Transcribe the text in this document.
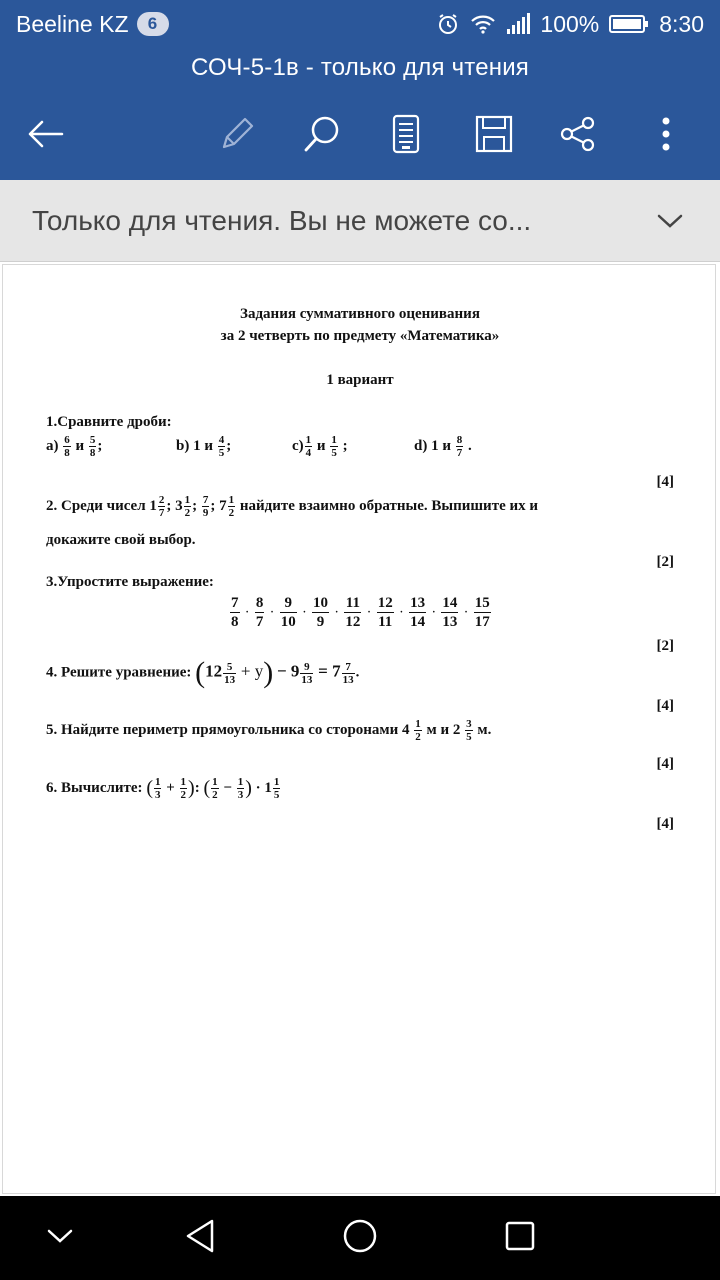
Beeline KZ	6	100%	8:30
СОЧ-5-1в - только для чтения
Только для чтения. Вы не можете со...
Задания суммативного оценивания
за 2 четверть по предмету «Математика»
1 вариант
1.Сравните дроби:
$a) \frac{6}{8}$ и $\frac{5}{8}$ ;	b) 1 и $\frac{4}{5}$ ;	$c) \frac{1}{4}$ и $\frac{1}{5}$ ;	d) 1 и $\frac{8}{7}$ .
[4]
2. Среди чисел $1 \frac{2}{7}$ ; $3 \frac{1}{2}$ ; $\frac{7}{9}$ ; $7 \frac{1}{2}$ найдите взаимно обратные. Выпишите их и
докажите свой выбор.
[2]
3.Упростите выражение:
$\frac{7}{8} \cdot \frac{8}{7} \cdot \frac{9}{10} \cdot \frac{10}{9} \cdot \frac{11}{12} \cdot \frac{12}{11} \cdot \frac{13}{14} \cdot \frac{14}{13} \cdot \frac{15}{17}$
[2]
4. Решите уравнение: $(12 \frac{5}{13} + y) - 9 \frac{9}{13} = 7 \frac{7}{13}$ .
[4]
5. Найдите периметр прямоугольника со сторонами $4 \frac{1}{2}$ м и $2 \frac{3}{5} м$.
[4]
6. Вычислите: ( $\frac{1}{3} + \frac{1}{2}$ ): ( $\frac{1}{2} - \frac{1}{3}$ ) · $1 \frac{1}{5}$
[4]
